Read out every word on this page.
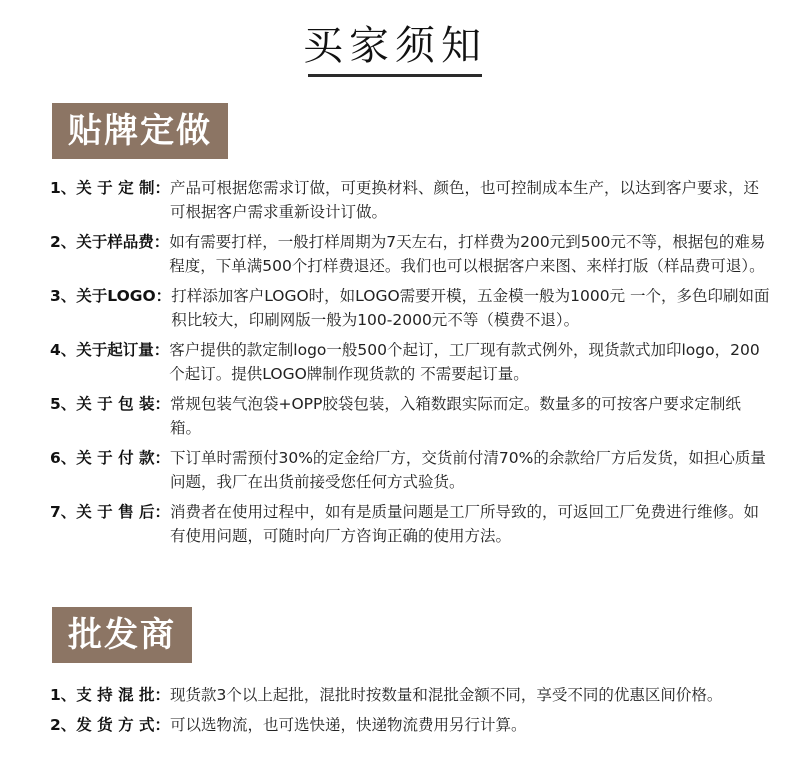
买家须知
贴牌定做
1、关 于 定 制： 产品可根据您需求订做，可更换材料、颜色，也可控制成本生产，以达到客户要求，还可根据客户需求重新设计订做。
2、关于样品费： 如有需要打样，一般打样周期为7天左右，打样费为200元到500元不等，根据包的难易程度，下单满500个打样费退还。我们也可以根据客户来图、来样打版（样品费可退）。
3、关于LOGO： 打样添加客户LOGO时，如LOGO需要开模，五金模一般为1000元 一个，多色印刷如面积比较大，印刷网版一般为100-2000元不等（模费不退）。
4、关于起订量： 客户提供的款定制logo一般500个起订，工厂现有款式例外，现货款式加印logo，200个起订。提供LOGO牌制作现货款的 不需要起订量。
5、关 于 包 装： 常规包装气泡袋+OPP胶袋包装，入箱数跟实际而定。数量多的可按客户要求定制纸箱。
6、关 于 付 款： 下订单时需预付30%的定金给厂方，交货前付清70%的余款给厂方后发货，如担心质量问题，我厂在出货前接受您任何方式验货。
7、关 于 售 后： 消费者在使用过程中，如有是质量问题是工厂所导致的，可返回工厂免费进行维修。如有使用问题，可随时向厂方咨询正确的使用方法。
批发商
1、支 持 混 批： 现货款3个以上起批，混批时按数量和混批金额不同，享受不同的优惠区间价格。
2、发 货 方 式： 可以选物流，也可选快递，快递物流费用另行计算。
